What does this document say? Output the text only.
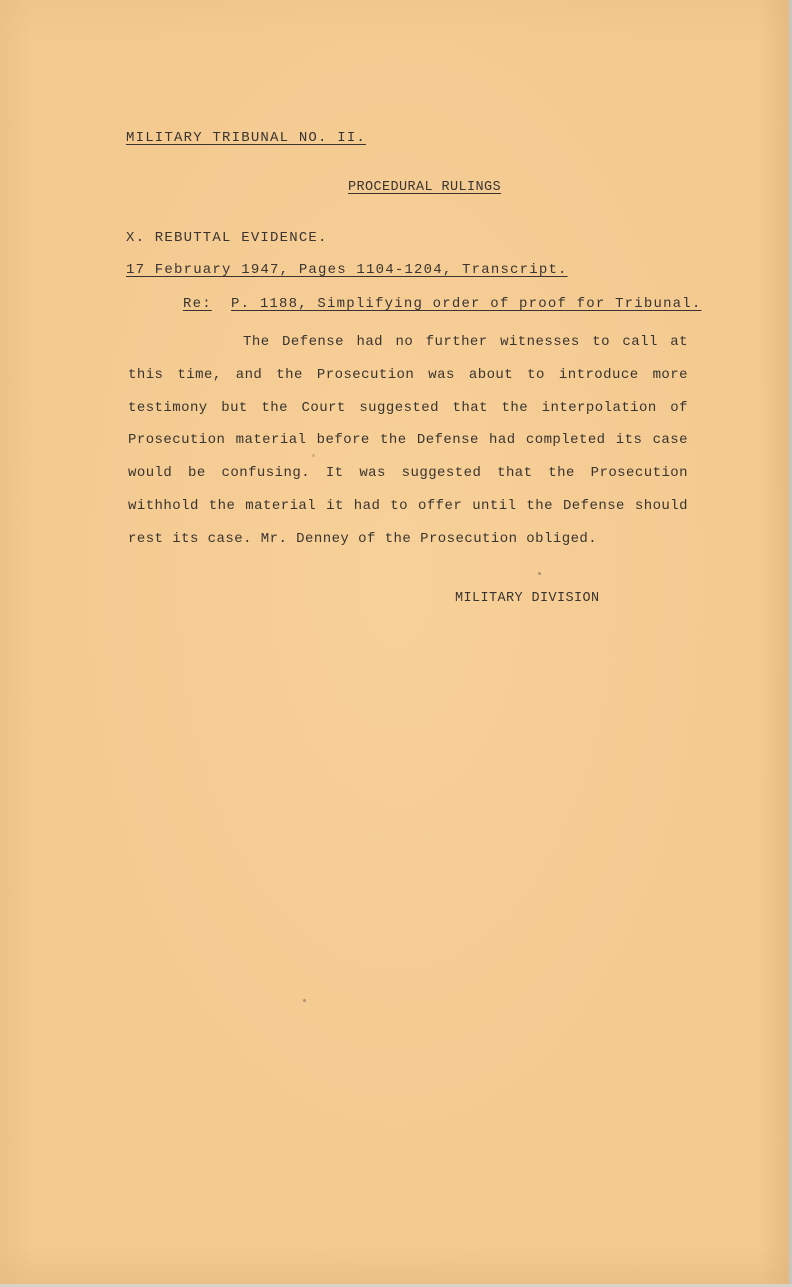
MILITARY TRIBUNAL NO. II.
PROCEDURAL RULINGS
X. REBUTTAL EVIDENCE.
17 February 1947, Pages 1104-1204, Transcript.
Re: P. 1188, Simplifying order of proof for Tribunal.
The Defense had no further witnesses to call at this time, and the Prosecution was about to introduce more testimony but the Court suggested that the interpolation of Prosecution material before the Defense had completed its case would be confusing. It was suggested that the Prosecution withhold the material it had to offer until the Defense should rest its case. Mr. Denney of the Prosecution obliged.
MILITARY DIVISION
